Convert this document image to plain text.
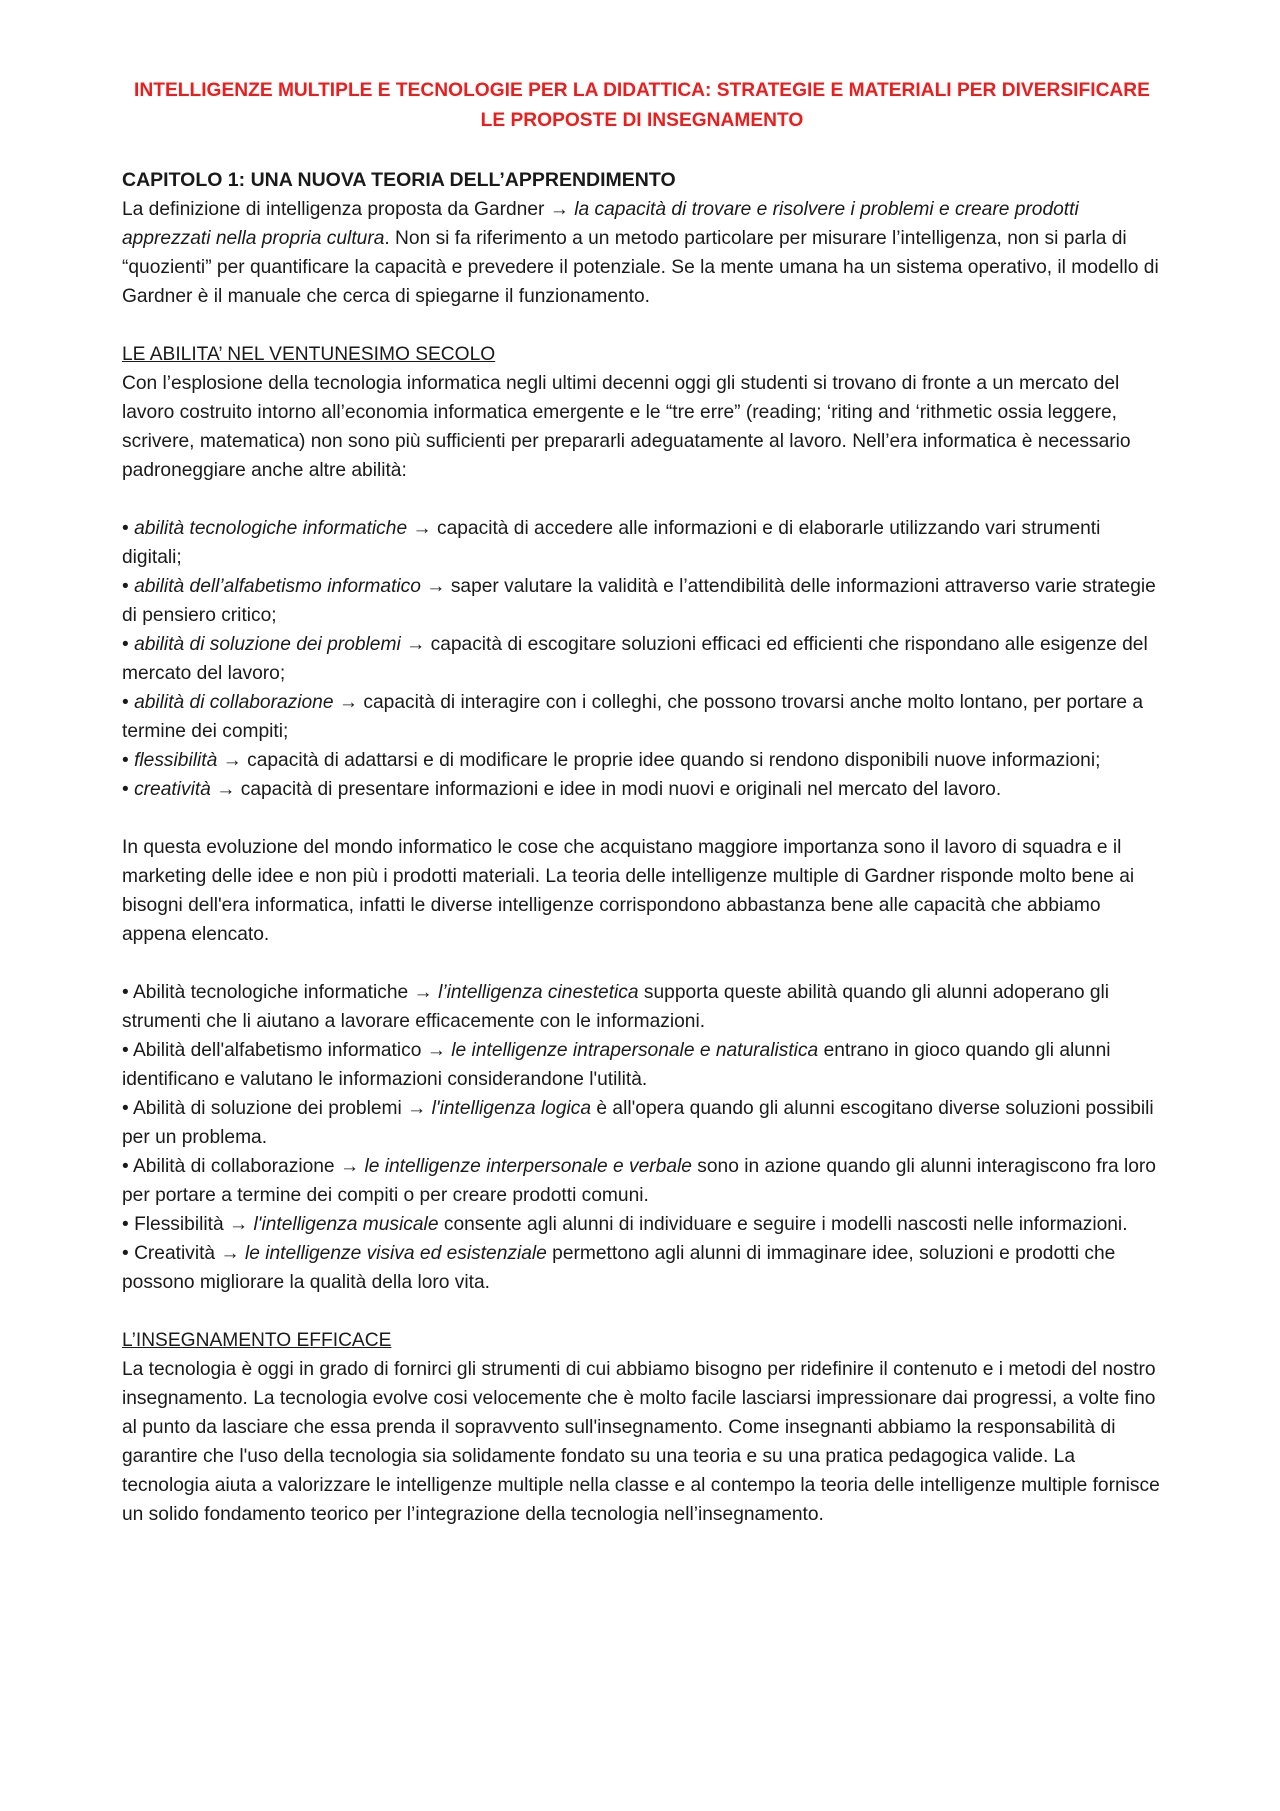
INTELLIGENZE MULTIPLE E TECNOLOGIE PER LA DIDATTICA: STRATEGIE E MATERIALI PER DIVERSIFICARE LE PROPOSTE DI INSEGNAMENTO
CAPITOLO 1: UNA NUOVA TEORIA DELL’APPRENDIMENTO

La definizione di intelligenza proposta da Gardner → la capacità di trovare e risolvere i problemi e creare prodotti apprezzati nella propria cultura. Non si fa riferimento a un metodo particolare per misurare l’intelligenza, non si parla di “quozienti” per quantificare la capacità e prevedere il potenziale. Se la mente umana ha un sistema operativo, il modello di Gardner è il manuale che cerca di spiegarne il funzionamento.

LE ABILITA’ NEL VENTUNESIMO SECOLO

Con l’esplosione della tecnologia informatica negli ultimi decenni oggi gli studenti si trovano di fronte a un mercato del lavoro costruito intorno all’economia informatica emergente e le “tre erre” (reading; ‘riting and ‘rithmetic ossia leggere, scrivere, matematica) non sono più sufficienti per prepararli adeguatamente al lavoro. Nell’era informatica è necessario padroneggiare anche altre abilità:

• abilità tecnologiche informatiche → capacità di accedere alle informazioni e di elaborarle utilizzando vari strumenti digitali;
• abilità dell’alfabetismo informatico → saper valutare la validità e l’attendibilità delle informazioni attraverso varie strategie di pensiero critico;
• abilità di soluzione dei problemi → capacità di escogitare soluzioni efficaci ed efficienti che rispondano alle esigenze del mercato del lavoro;
• abilità di collaborazione → capacità di interagire con i colleghi, che possono trovarsi anche molto lontano, per portare a termine dei compiti;
• flessibilità → capacità di adattarsi e di modificare le proprie idee quando si rendono disponibili nuove informazioni;
• creatività → capacità di presentare informazioni e idee in modi nuovi e originali nel mercato del lavoro.

In questa evoluzione del mondo informatico le cose che acquistano maggiore importanza sono il lavoro di squadra e il marketing delle idee e non più i prodotti materiali. La teoria delle intelligenze multiple di Gardner risponde molto bene ai bisogni dell'era informatica, infatti le diverse intelligenze corrispondono abbastanza bene alle capacità che abbiamo appena elencato.

• Abilità tecnologiche informatiche → l’intelligenza cinestetica supporta queste abilità quando gli alunni adoperano gli strumenti che li aiutano a lavorare efficacemente con le informazioni.
• Abilità dell'alfabetismo informatico → le intelligenze intrapersonale e naturalistica entrano in gioco quando gli alunni identificano e valutano le informazioni considerandone l'utilità.
• Abilità di soluzione dei problemi → l'intelligenza logica è all'opera quando gli alunni escogitano diverse soluzioni possibili per un problema.
• Abilità di collaborazione → le intelligenze interpersonale e verbale sono in azione quando gli alunni interagiscono fra loro per portare a termine dei compiti o per creare prodotti comuni.
• Flessibilità → l'intelligenza musicale consente agli alunni di individuare e seguire i modelli nascosti nelle informazioni.
• Creatività → le intelligenze visiva ed esistenziale permettono agli alunni di immaginare idee, soluzioni e prodotti che possono migliorare la qualità della loro vita.
L’INSEGNAMENTO EFFICACE

La tecnologia è oggi in grado di fornirci gli strumenti di cui abbiamo bisogno per ridefinire il contenuto e i metodi del nostro insegnamento. La tecnologia evolve cosi velocemente che è molto facile lasciarsi impressionare dai progressi, a volte fino al punto da lasciare che essa prenda il sopravvento sull'insegnamento. Come insegnanti abbiamo la responsabilità di garantire che l'uso della tecnologia sia solidamente fondato su una teoria e su una pratica pedagogica valide. La tecnologia aiuta a valorizzare le intelligenze multiple nella classe e al contempo la teoria delle intelligenze multiple fornisce un solido fondamento teorico per l’integrazione della tecnologia nell’insegnamento.
